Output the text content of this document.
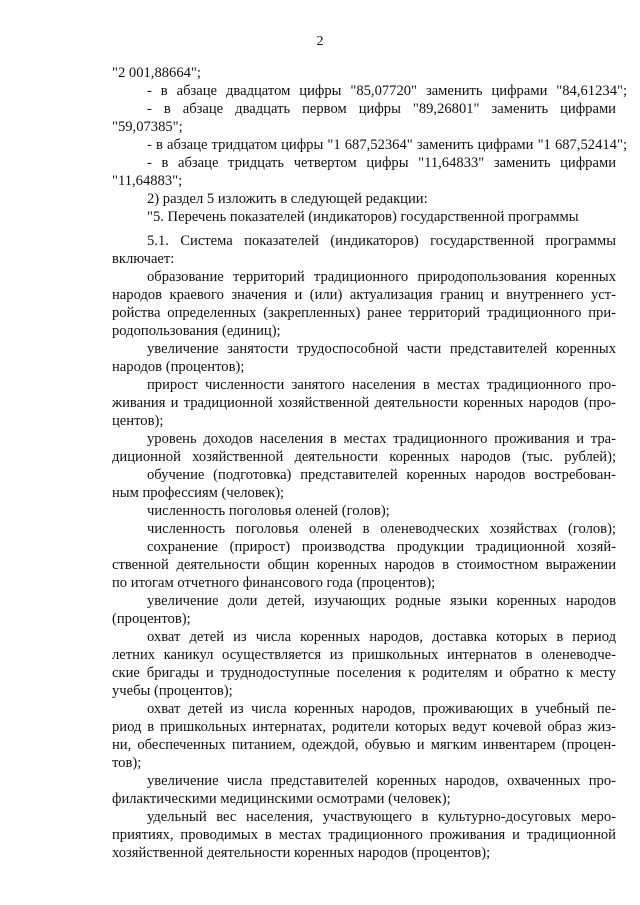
2
"2 001,88664";
- в абзаце двадцатом цифры "85,07720" заменить цифрами "84,61234";
- в абзаце двадцать первом цифры "89,26801" заменить цифрами
"59,07385";
- в абзаце тридцатом цифры "1 687,52364" заменить цифрами "1 687,52414";
- в абзаце тридцать четвертом цифры "11,64833" заменить цифрами
"11,64883";
2) раздел 5 изложить в следующей редакции:
"5. Перечень показателей (индикаторов) государственной программы
5.1. Система показателей (индикаторов) государственной программы
включает:
образование территорий традиционного природопользования коренных
народов краевого значения и (или) актуализация границ и внутреннего уст-
ройства определенных (закрепленных) ранее территорий традиционного при-
родопользования (единиц);
увеличение занятости трудоспособной части представителей коренных
народов (процентов);
прирост численности занятого населения в местах традиционного про-
живания и традиционной хозяйственной деятельности коренных народов (про-
центов);
уровень доходов населения в местах традиционного проживания и тра-
диционной хозяйственной деятельности коренных народов (тыс. рублей);
обучение (подготовка) представителей коренных народов востребован-
ным профессиям (человек);
численность поголовья оленей (голов);
численность поголовья оленей в оленеводческих хозяйствах (голов);
сохранение (прирост) производства продукции традиционной хозяй-
ственной деятельности общин коренных народов в стоимостном выражении
по итогам отчетного финансового года (процентов);
увеличение доли детей, изучающих родные языки коренных народов
(процентов);
охват детей из числа коренных народов, доставка которых в период
летних каникул осуществляется из пришкольных интернатов в оленеводче-
ские бригады и труднодоступные поселения к родителям и обратно к месту
учебы (процентов);
охват детей из числа коренных народов, проживающих в учебный пе-
риод в пришкольных интернатах, родители которых ведут кочевой образ жиз-
ни, обеспеченных питанием, одеждой, обувью и мягким инвентарем (процен-
тов);
увеличение числа представителей коренных народов, охваченных про-
филактическими медицинскими осмотрами (человек);
удельный вес населения, участвующего в культурно-досуговых меро-
приятиях, проводимых в местах традиционного проживания и традиционной
хозяйственной деятельности коренных народов (процентов);
